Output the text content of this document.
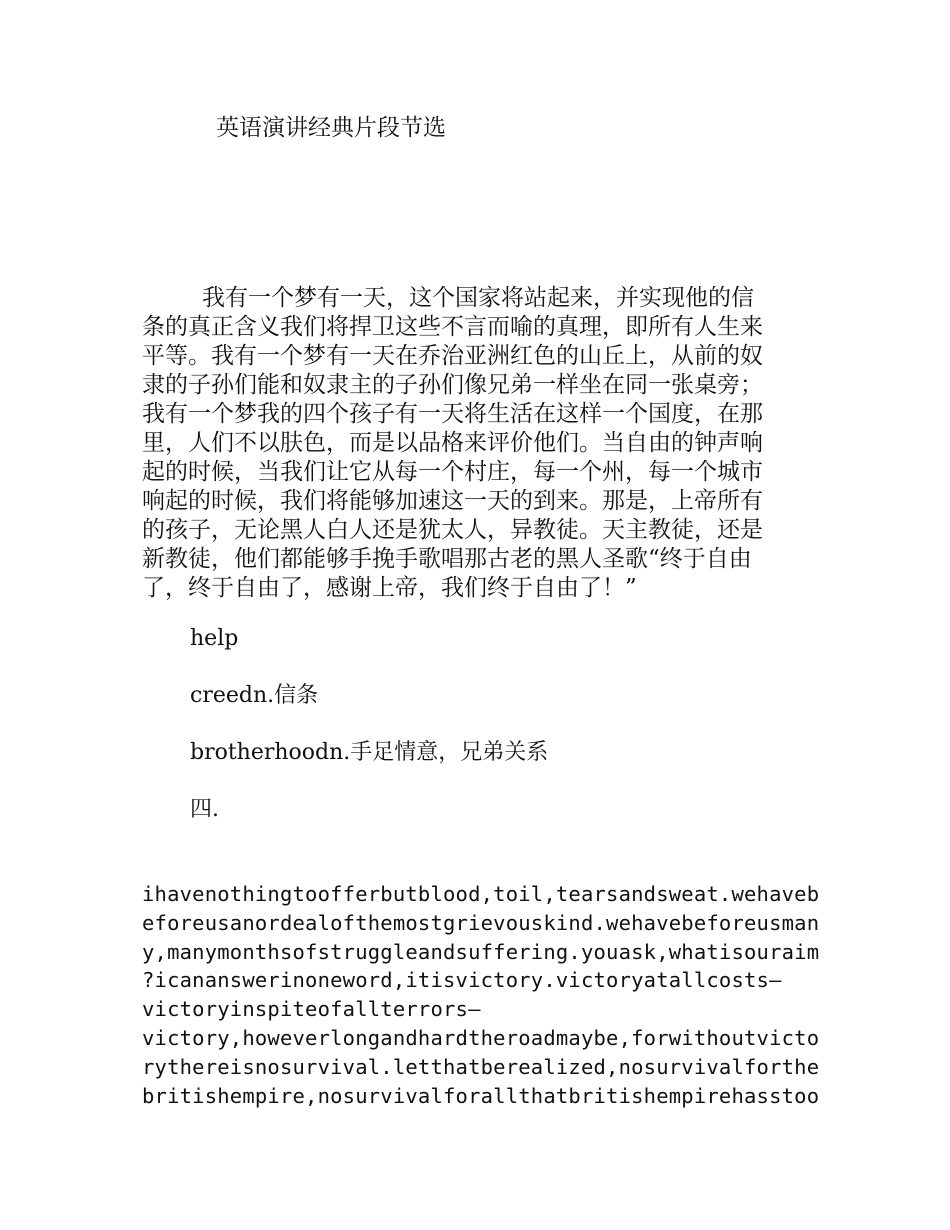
英语演讲经典片段节选
我有一个梦有一天，这个国家将站起来，并实现他的信
条的真正含义我们将捍卫这些不言而喻的真理，即所有人生来
平等。我有一个梦有一天在乔治亚洲红色的山丘上，从前的奴
隶的子孙们能和奴隶主的子孙们像兄弟一样坐在同一张桌旁；
我有一个梦我的四个孩子有一天将生活在这样一个国度，在那
里，人们不以肤色，而是以品格来评价他们。当自由的钟声响
起的时候，当我们让它从每一个村庄，每一个州，每一个城市
响起的时候，我们将能够加速这一天的到来。那是，上帝所有
的孩子，无论黑人白人还是犹太人，异教徒。天主教徒，还是
新教徒，他们都能够手挽手歌唱那古老的黑人圣歌“终于自由
了，终于自由了，感谢上帝，我们终于自由了！”
help
creedn.信条
brotherhoodn.手足情意，兄弟关系
四.
ihavenothingtoofferbutblood,toil,tearsandsweat.wehaveb
eforeusanordealofthemostgrievouskind.wehavebeforeusman
y,manymonthsofstruggleandsuffering.youask,whatisouraim
?icananswerinoneword,itisvictory.victoryatallcosts—
victoryinspiteofallterrors—
victory,howeverlongandhardtheroadmaybe,forwithoutvicto
rythereisnosurvival.letthatberealized,nosurvivalforthe
britishempire,nosurvivalforallthatbritishempirehasstoo
